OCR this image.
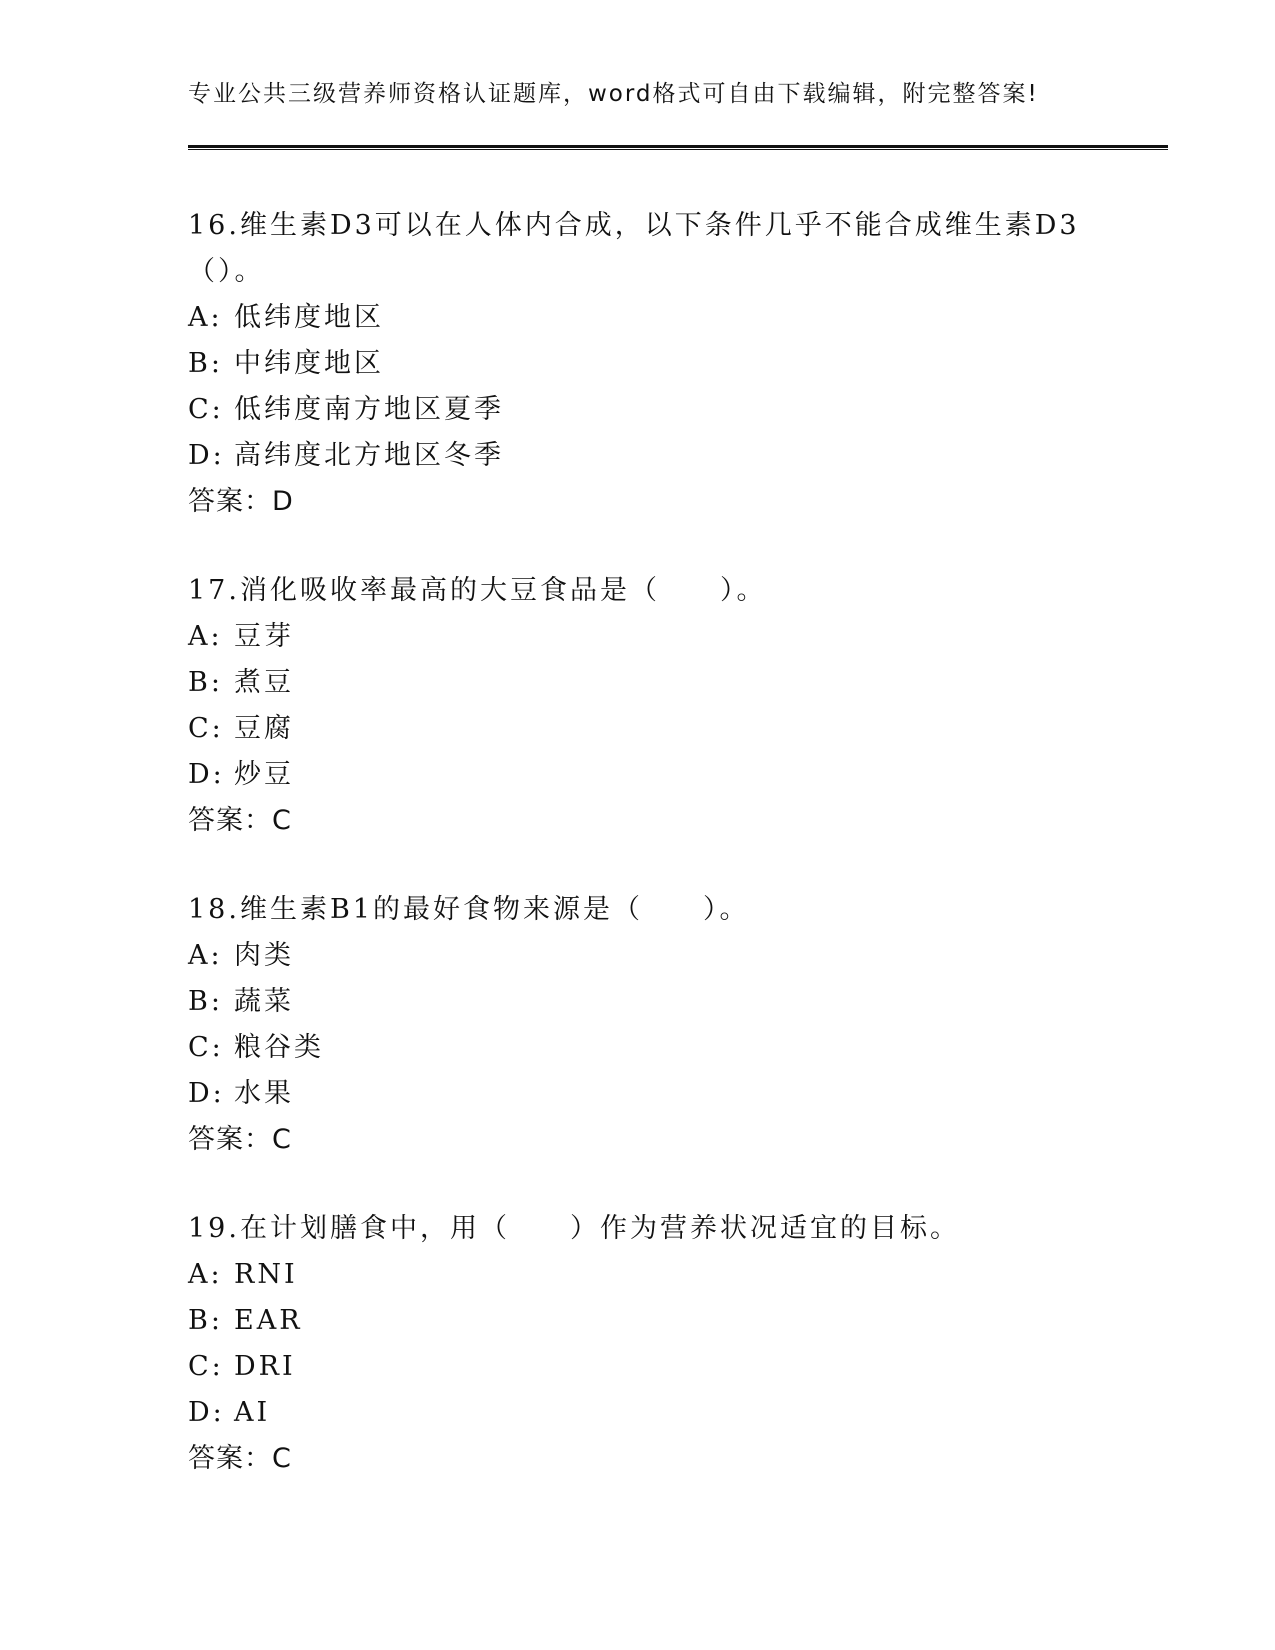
专业公共三级营养师资格认证题库，word格式可自由下载编辑，附完整答案!

16.维生素D3可以在人体内合成，以下条件几乎不能合成维生素D3（）。

A: 低纬度地区

B: 中纬度地区

C: 低纬度南方地区夏季

D: 高纬度北方地区冬季

答案：D

17.消化吸收率最高的大豆食品是（　　）。

A: 豆芽

B: 煮豆

C: 豆腐

D: 炒豆

答案：C

18.维生素B1的最好食物来源是（　　）。

A: 肉类

B: 蔬菜

C: 粮谷类

D: 水果

答案：C

19.在计划膳食中，用（　　）作为营养状况适宜的目标。

A: RNI

B: EAR

C: DRI

D: AI

答案：C
